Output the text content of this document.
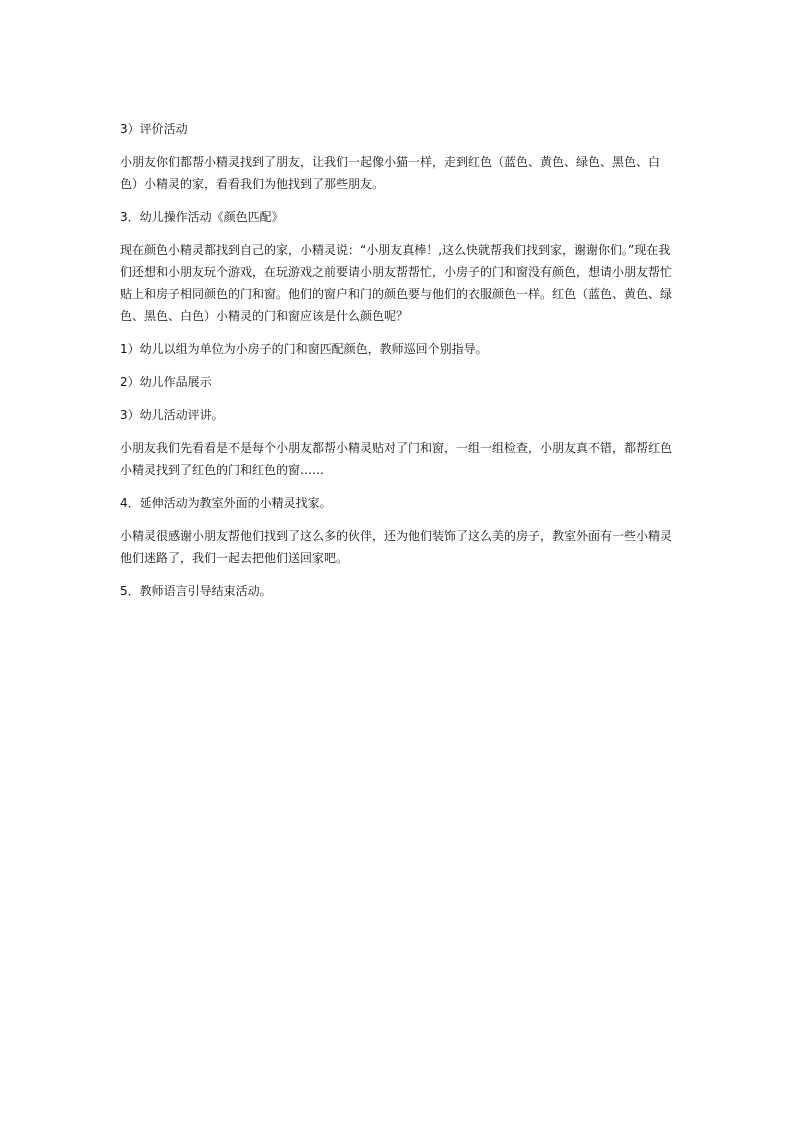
3）评价活动

小朋友你们都帮小精灵找到了朋友，让我们一起像小猫一样，走到红色（蓝色、黄色、绿色、黑色、白色）小精灵的家，看看我们为他找到了那些朋友。

3．幼儿操作活动《颜色匹配》

现在颜色小精灵都找到自己的家，小精灵说：“小朋友真棒！,这么快就帮我们找到家，谢谢你们。”现在我们还想和小朋友玩个游戏，在玩游戏之前要请小朋友帮帮忙，小房子的门和窗没有颜色，想请小朋友帮忙贴上和房子相同颜色的门和窗。他们的窗户和门的颜色要与他们的衣服颜色一样。红色（蓝色、黄色、绿色、黑色、白色）小精灵的门和窗应该是什么颜色呢？

1）幼儿以组为单位为小房子的门和窗匹配颜色，教师巡回个别指导。

2）幼儿作品展示

3）幼儿活动评讲。

小朋友我们先看看是不是每个小朋友都帮小精灵贴对了门和窗，一组一组检查，小朋友真不错，都帮红色小精灵找到了红色的门和红色的窗……

4．延伸活动为教室外面的小精灵找家。

小精灵很感谢小朋友帮他们找到了这么多的伙伴，还为他们装饰了这么美的房子，教室外面有一些小精灵他们迷路了，我们一起去把他们送回家吧。

5．教师语言引导结束活动。
